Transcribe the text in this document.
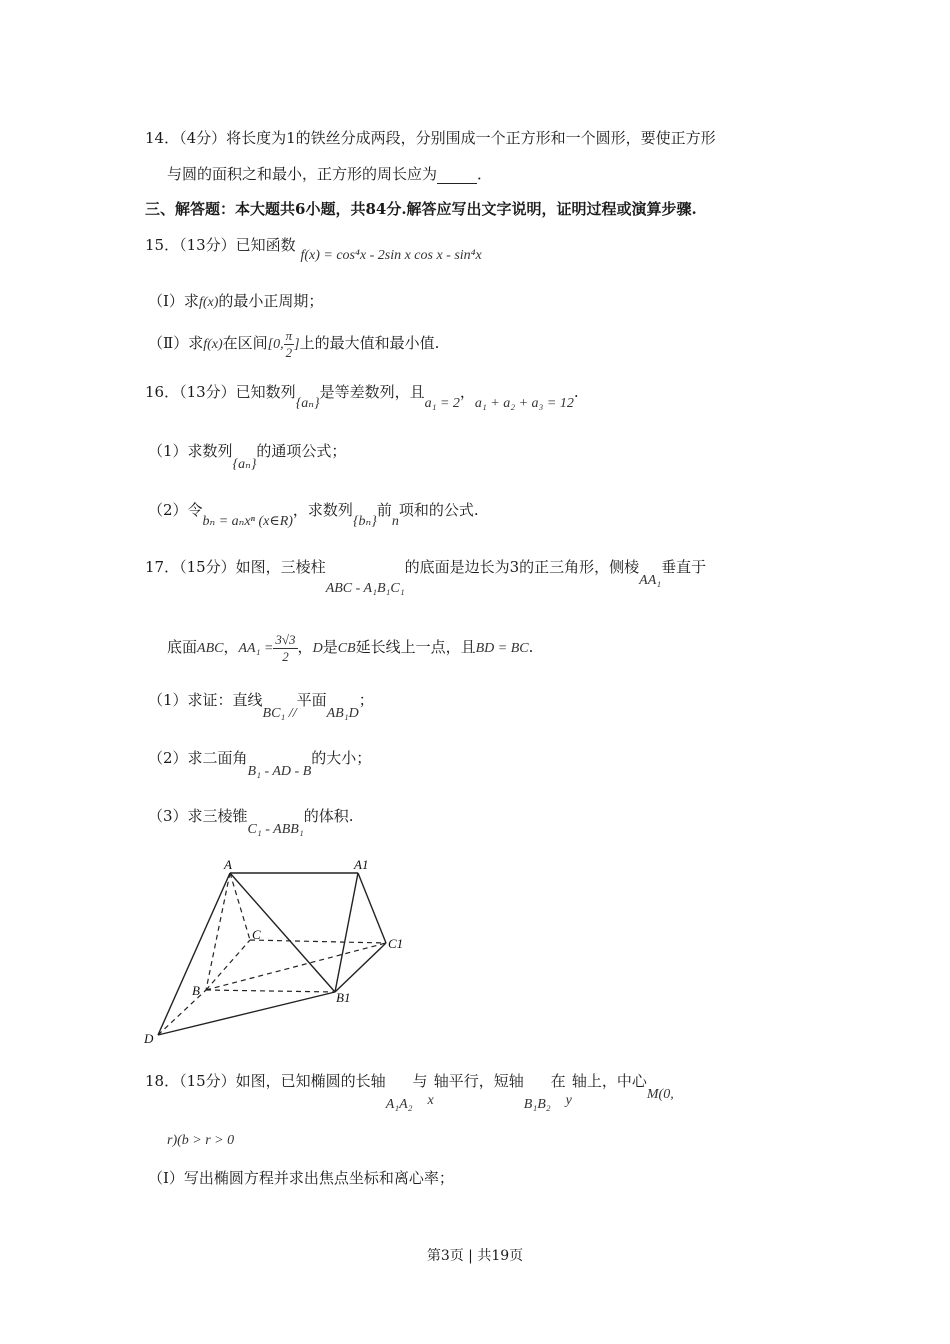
14．（4分）将长度为1的铁丝分成两段，分别围成一个正方形和一个圆形，要使正方形
与圆的面积之和最小，正方形的周长应为	．
三、解答题：本大题共6小题，共84分.解答应写出文字说明，证明过程或演算步骤.
15．（13分）已知函数 f(x) = cos⁴x - 2sin x cos x - sin⁴x
（Ⅰ）求f(x)的最小正周期；
（Ⅱ）求f(x)在区间[0, $\frac{\pi}{2}$ ]上的最大值和最小值.
16．（13分）已知数列{aₙ}是等差数列，且a₁ = 2，a₁ + a₂ + a₃ = 12.
（1）求数列{aₙ}的通项公式；
（2）令bₙ = aₙxⁿ (x∈R)，求数列{bₙ}前n项和的公式.
17．（15分）如图，三棱柱ABC - A₁B₁C₁的底面是边长为3的正三角形，侧棱AA₁垂直于
底面ABC，$AA_1 = \frac{3√3}{2}$ ，D是CB延长线上一点，且BD = BC.
（1）求证：直线BC₁ //平面AB₁D；
（2）求二面角B₁ - AD - B的大小；
（3）求三棱锥C₁ - ABB₁的体积.
A	A1
C
C1
B	B1
D
18．（15分）如图，已知椭圆的长轴A₁A₂与x轴平行，短轴B₁B₂在y轴上，中心M(0,
r)(b > r > 0
（Ⅰ）写出椭圆方程并求出焦点坐标和离心率；
第3页 | 共19页
